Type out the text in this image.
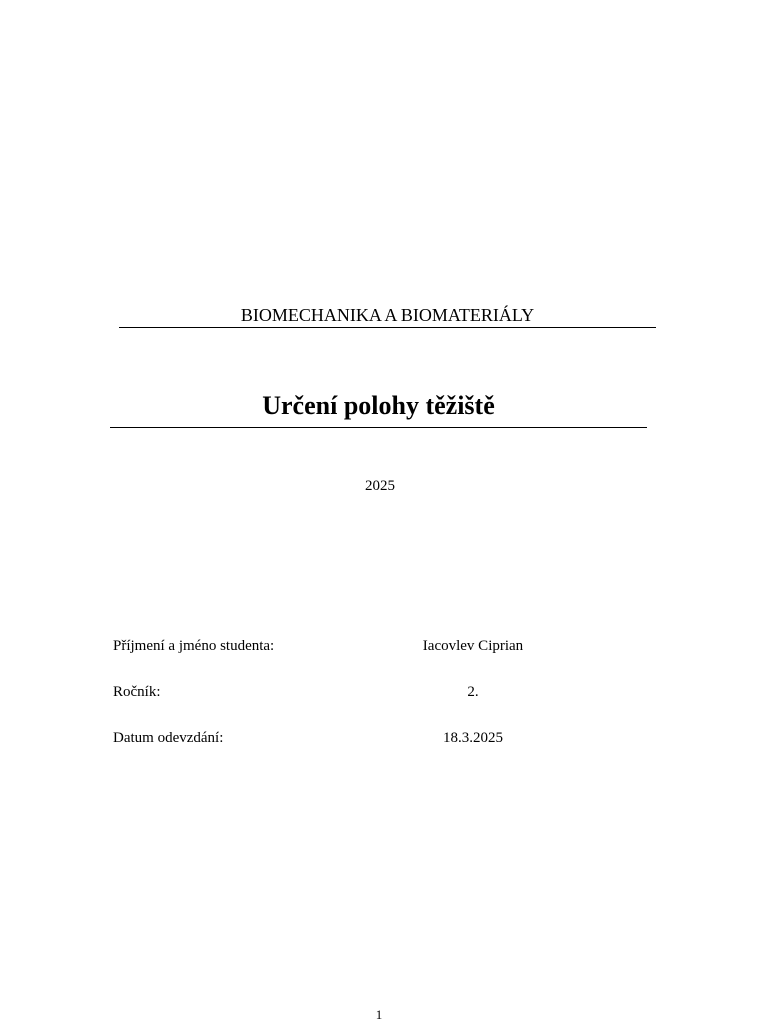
BIOMECHANIKA A BIOMATERIÁLY
Určení polohy těžiště
2025
Příjmení a jméno studenta:	Iacovlev Ciprian
Ročník:	2.
Datum odevzdání:	18.3.2025
1
